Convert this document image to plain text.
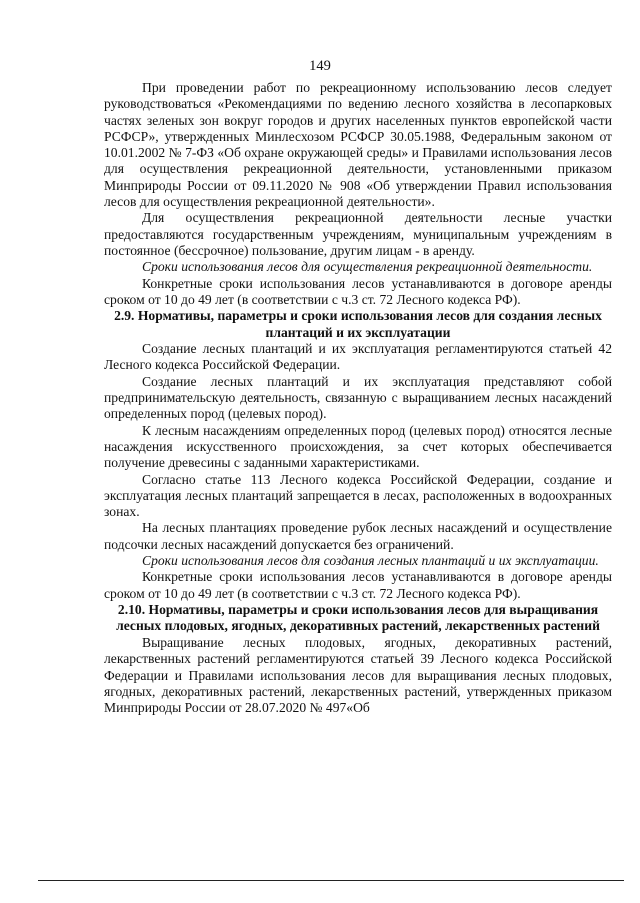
149

При проведении работ по рекреационному использованию лесов следует руководствоваться «Рекомендациями по ведению лесного хозяйства в лесопарковых частях зеленых зон вокруг городов и других населенных пунктов европейской части РСФСР», утвержденных Минлесхозом РСФСР 30.05.1988, Федеральным законом от 10.01.2002 № 7-ФЗ «Об охране окружающей среды» и Правилами использования лесов для осуществления рекреационной деятельности, установленными приказом Минприроды России от 09.11.2020 № 908 «Об утверждении Правил использования лесов для осуществления рекреационной деятельности».

Для осуществления рекреационной деятельности лесные участки предоставляются государственным учреждениям, муниципальным учреждениям в постоянное (бессрочное) пользование, другим лицам - в аренду.

Сроки использования лесов для осуществления рекреационной деятельности.

Конкретные сроки использования лесов устанавливаются в договоре аренды сроком от 10 до 49 лет (в соответствии с ч.3 ст. 72 Лесного кодекса РФ).

2.9. Нормативы, параметры и сроки использования лесов для создания лесных плантаций и их эксплуатации

Создание лесных плантаций и их эксплуатация регламентируются статьей 42 Лесного кодекса Российской Федерации.

Создание лесных плантаций и их эксплуатация представляют собой предпринимательскую деятельность, связанную с выращиванием лесных насаждений определенных пород (целевых пород).

К лесным насаждениям определенных пород (целевых пород) относятся лесные насаждения искусственного происхождения, за счет которых обеспечивается получение древесины с заданными характеристиками.

Согласно статье 113 Лесного кодекса Российской Федерации, создание и эксплуатация лесных плантаций запрещается в лесах, расположенных в водоохранных зонах.

На лесных плантациях проведение рубок лесных насаждений и осуществление подсочки лесных насаждений допускается без ограничений.

Сроки использования лесов для создания лесных плантаций и их эксплуатации.

Конкретные сроки использования лесов устанавливаются в договоре аренды сроком от 10 до 49 лет (в соответствии с ч.3 ст. 72 Лесного кодекса РФ).

2.10. Нормативы, параметры и сроки использования лесов для выращивания лесных плодовых, ягодных, декоративных растений, лекарственных растений

Выращивание лесных плодовых, ягодных, декоративных растений, лекарственных растений регламентируются статьей 39 Лесного кодекса Российской Федерации и Правилами использования лесов для выращивания лесных плодовых, ягодных, декоративных растений, лекарственных растений, утвержденных приказом Минприроды России от 28.07.2020 № 497«Об
